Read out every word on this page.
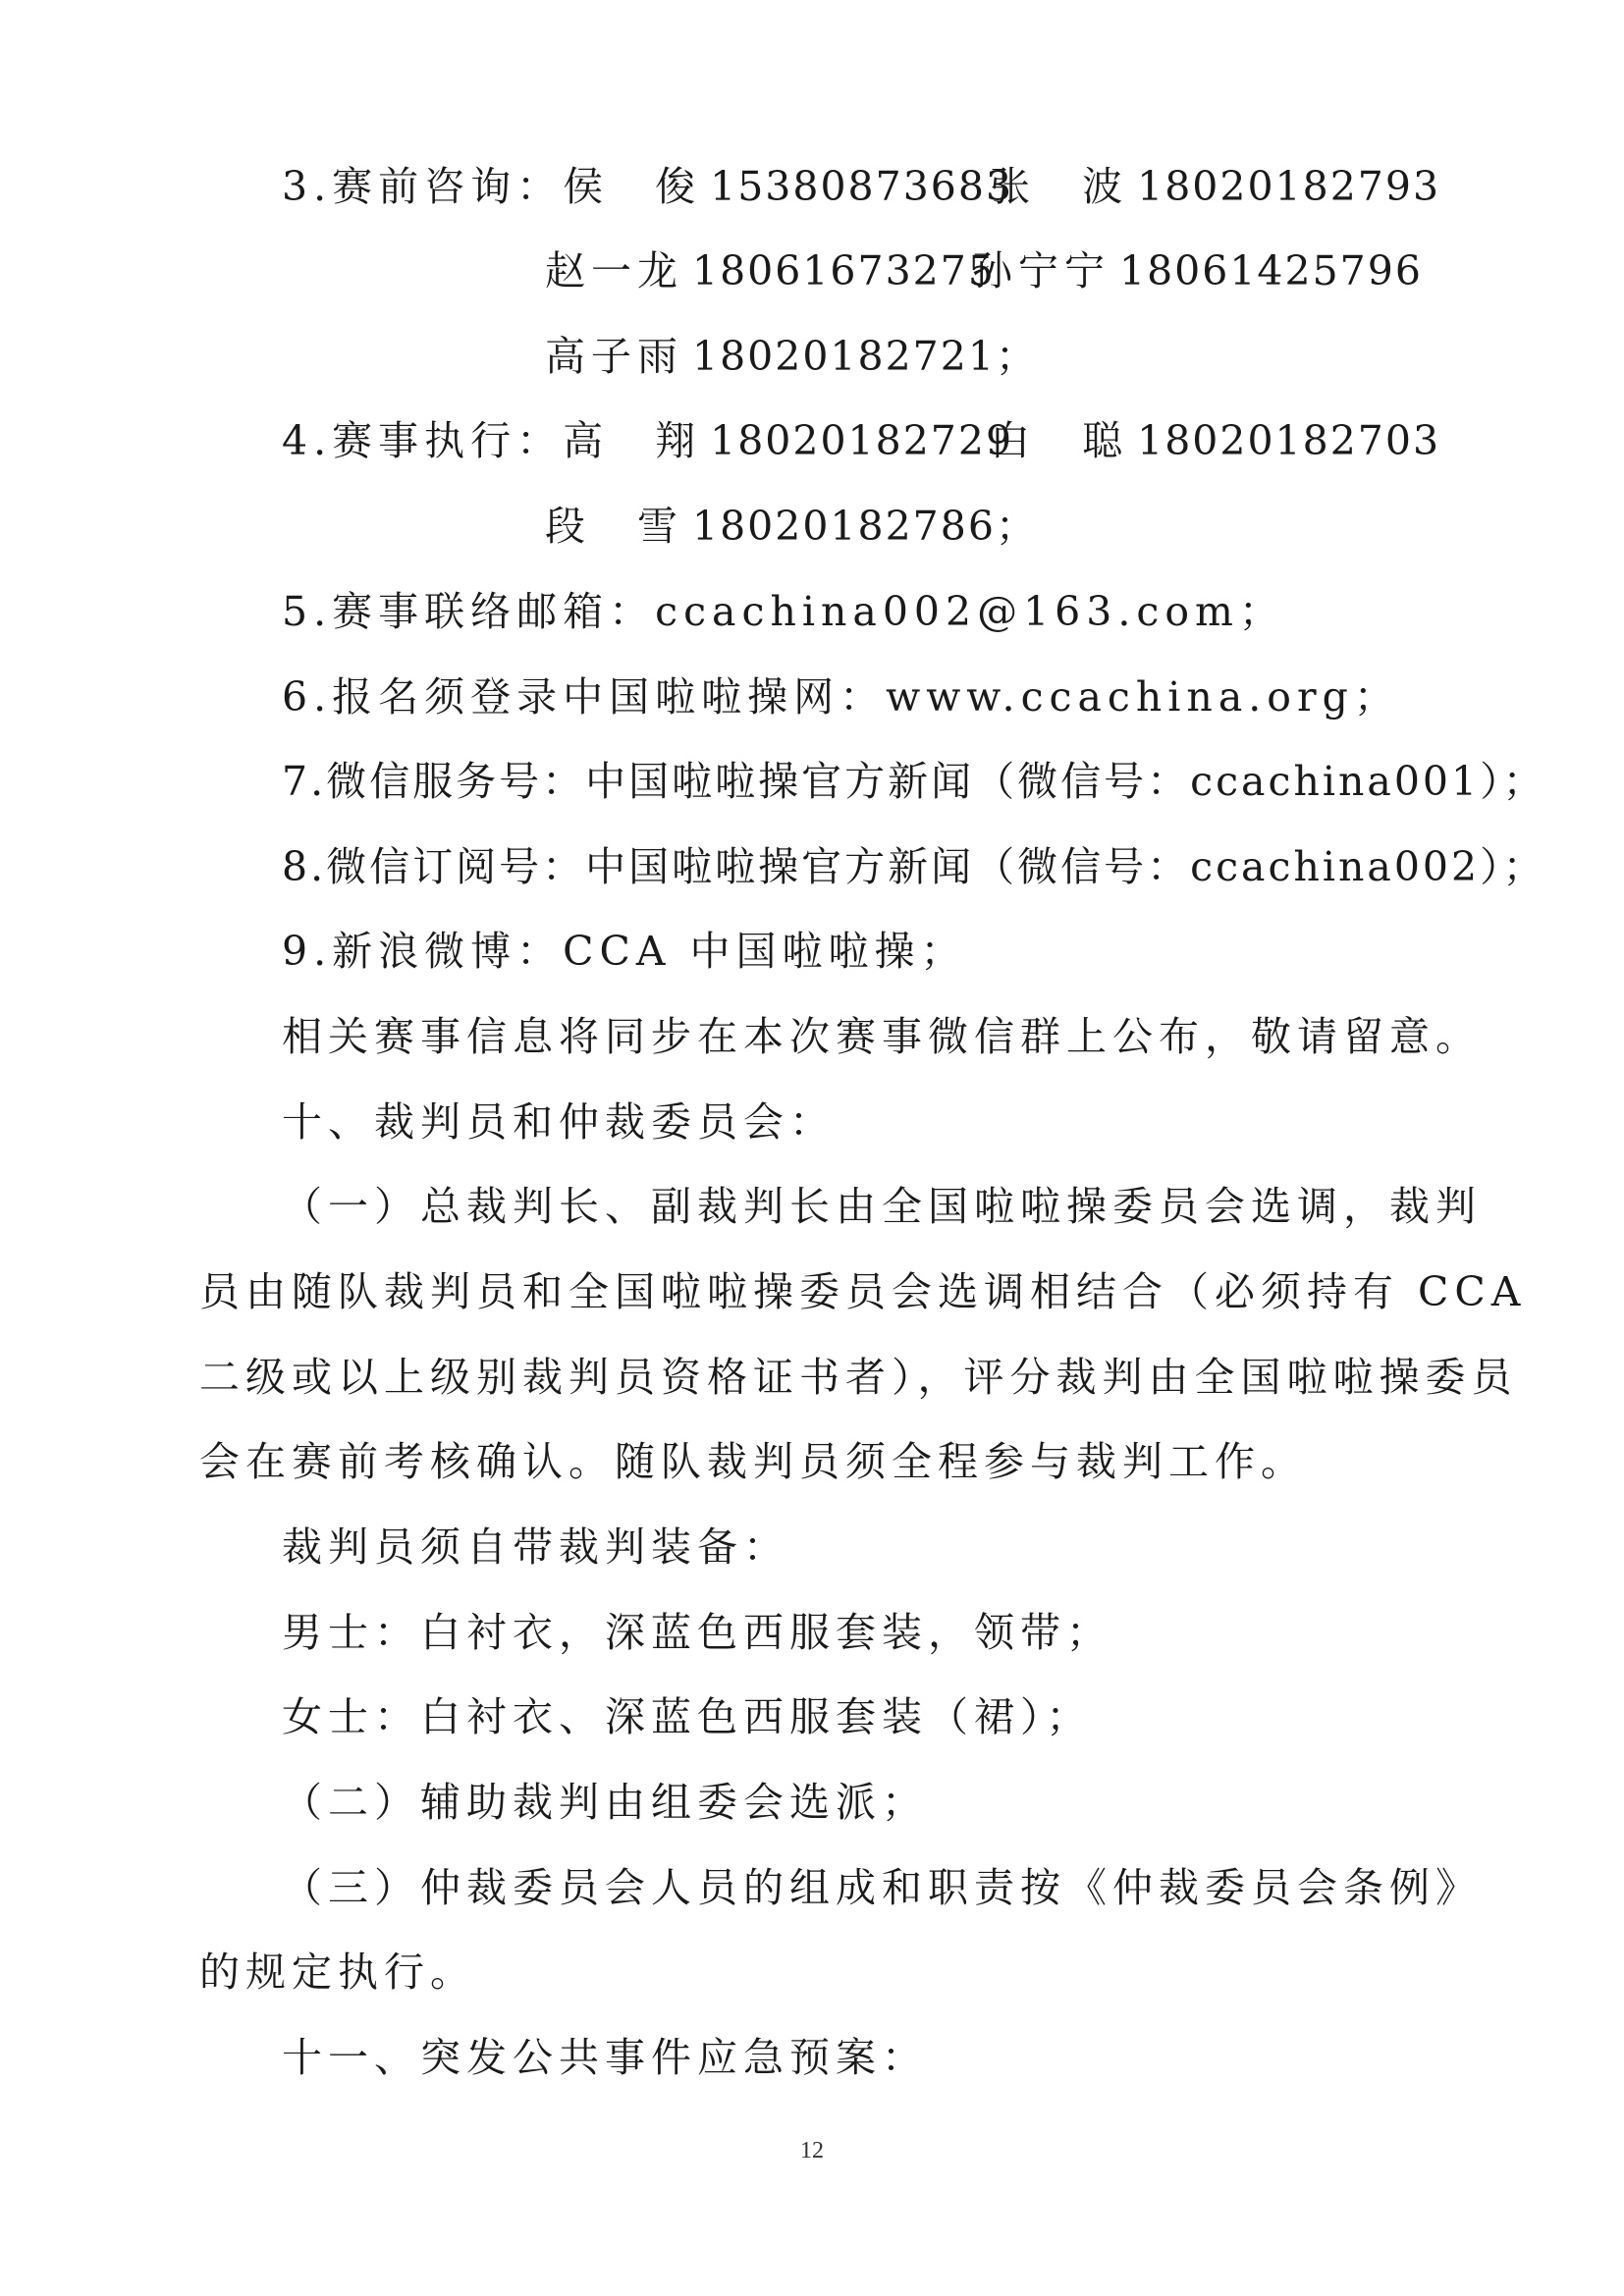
3.赛前咨询：侯　俊 15380873683张　波 18020182793
赵一龙 18061673275孙宁宁 18061425796
高子雨 18020182721；
4.赛事执行：高　翔 18020182729白　聪 18020182703
段　雪 18020182786；
5.赛事联络邮箱：ccachina002@163.com；
6.报名须登录中国啦啦操网：www.ccachina.org；
7.微信服务号：中国啦啦操官方新闻（微信号：ccachina001）；
8.微信订阅号：中国啦啦操官方新闻（微信号：ccachina002）；
9.新浪微博：CCA 中国啦啦操；
相关赛事信息将同步在本次赛事微信群上公布，敬请留意。
十、裁判员和仲裁委员会：
（一）总裁判长、副裁判长由全国啦啦操委员会选调，裁判
员由随队裁判员和全国啦啦操委员会选调相结合（必须持有 CCA
二级或以上级别裁判员资格证书者），评分裁判由全国啦啦操委员
会在赛前考核确认。随队裁判员须全程参与裁判工作。
裁判员须自带裁判装备：
男士：白衬衣，深蓝色西服套装，领带；
女士：白衬衣、深蓝色西服套装（裙）；
（二）辅助裁判由组委会选派；
（三）仲裁委员会人员的组成和职责按《仲裁委员会条例》
的规定执行。
十一、突发公共事件应急预案：
12
